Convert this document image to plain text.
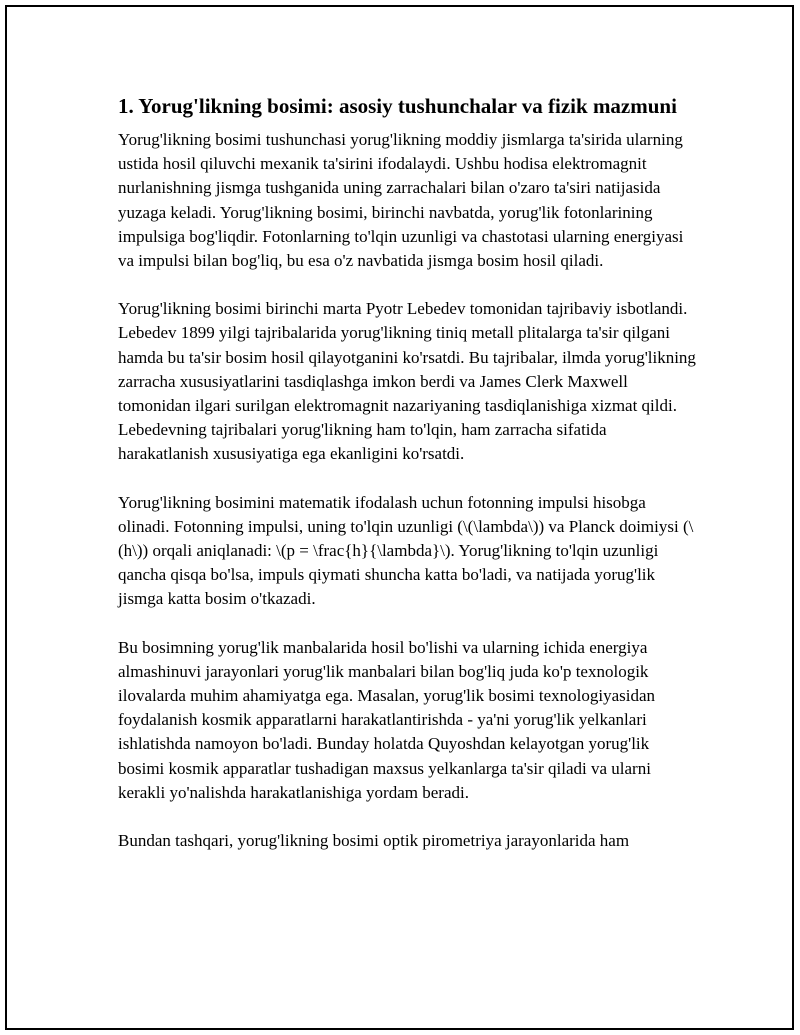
1. Yorug'likning bosimi: asosiy tushunchalar va fizik mazmuni

Yorug'likning bosimi tushunchasi yorug'likning moddiy jismlarga ta'sirida ularning ustida hosil qiluvchi mexanik ta'sirini ifodalaydi. Ushbu hodisa elektromagnit nurlanishning jismga tushganida uning zarrachalari bilan o'zaro ta'siri natijasida yuzaga keladi. Yorug'likning bosimi, birinchi navbatda, yorug'lik fotonlarining impulsiga bog'liqdir. Fotonlarning to'lqin uzunligi va chastotasi ularning energiyasi va impulsi bilan bog'liq, bu esa o'z navbatida jismga bosim hosil qiladi.

Yorug'likning bosimi birinchi marta Pyotr Lebedev tomonidan tajribaviy isbotlandi. Lebedev 1899 yilgi tajribalarida yorug'likning tiniq metall plitalarga ta'sir qilgani hamda bu ta'sir bosim hosil qilayotganini ko'rsatdi. Bu tajribalar, ilmda yorug'likning zarracha xususiyatlarini tasdiqlashga imkon berdi va James Clerk Maxwell tomonidan ilgari surilgan elektromagnit nazariyaning tasdiqlanishiga xizmat qildi. Lebedevning tajribalari yorug'likning ham to'lqin, ham zarracha sifatida harakatlanish xususiyatiga ega ekanligini ko'rsatdi.

Yorug'likning bosimini matematik ifodalash uchun fotonning impulsi hisobga olinadi. Fotonning impulsi, uning to'lqin uzunligi (\(\lambda\)) va Planck doimiysi (\(h\)) orqali aniqlanadi: \(p = \frac{h}{\lambda}\). Yorug'likning to'lqin uzunligi qancha qisqa bo'lsa, impuls qiymati shuncha katta bo'ladi, va natijada yorug'lik jismga katta bosim o'tkazadi.

Bu bosimning yorug'lik manbalarida hosil bo'lishi va ularning ichida energiya almashinuvi jarayonlari yorug'lik manbalari bilan bog'liq juda ko'p texnologik ilovalarda muhim ahamiyatga ega. Masalan, yorug'lik bosimi texnologiyasidan foydalanish kosmik apparatlarni harakatlantirishda - ya'ni yorug'lik yelkanlari ishlatishda namoyon bo'ladi. Bunday holatda Quyoshdan kelayotgan yorug'lik bosimi kosmik apparatlar tushadigan maxsus yelkanlarga ta'sir qiladi va ularni kerakli yo'nalishda harakatlanishiga yordam beradi.

Bundan tashqari, yorug'likning bosimi optik pirometriya jarayonlarida ham
